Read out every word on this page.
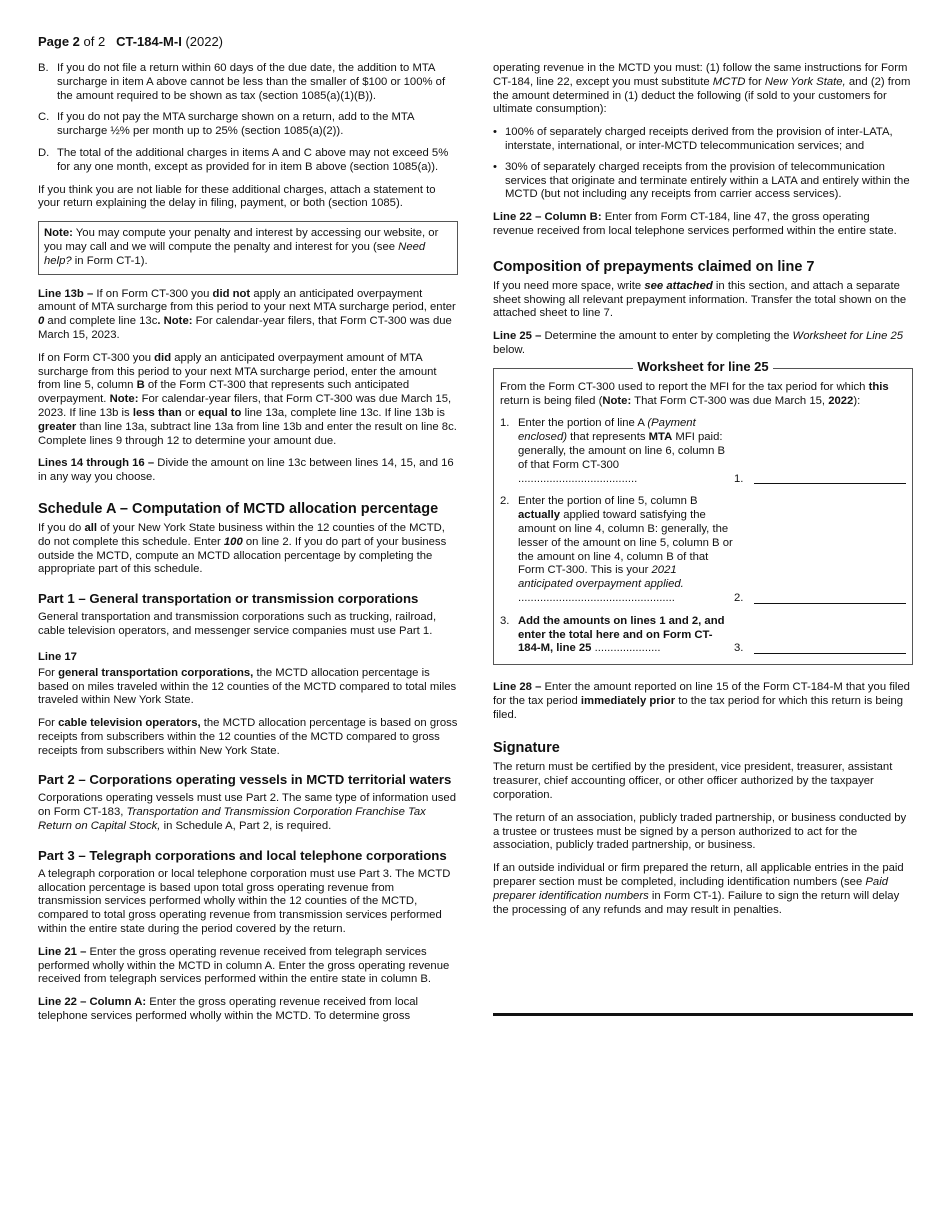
Page 2 of 2 CT-184-M-I (2022)
B. If you do not file a return within 60 days of the due date, the addition to MTA surcharge in item A above cannot be less than the smaller of $100 or 100% of the amount required to be shown as tax (section 1085(a)(1)(B)).
C. If you do not pay the MTA surcharge shown on a return, add to the MTA surcharge ½% per month up to 25% (section 1085(a)(2)).
D. The total of the additional charges in items A and C above may not exceed 5% for any one month, except as provided for in item B above (section 1085(a)).

If you think you are not liable for these additional charges, attach a statement to your return explaining the delay in filing, payment, or both (section 1085).

Note: You may compute your penalty and interest by accessing our website, or you may call and we will compute the penalty and interest for you (see Need help? in Form CT-1).

Line 13b – If on Form CT-300 you did not apply an anticipated overpayment amount of MTA surcharge from this period to your next MTA surcharge period, enter 0 and complete line 13c. Note: For calendar-year filers, that Form CT-300 was due March 15, 2023.

If on Form CT-300 you did apply an anticipated overpayment amount of MTA surcharge from this period to your next MTA surcharge period, enter the amount from line 5, column B of the Form CT-300 that represents such anticipated overpayment. Note: For calendar-year filers, that Form CT-300 was due March 15, 2023. If line 13b is less than or equal to line 13a, complete line 13c. If line 13b is greater than line 13a, subtract line 13a from line 13b and enter the result on line 8c. Complete lines 9 through 12 to determine your amount due.

Lines 14 through 16 – Divide the amount on line 13c between lines 14, 15, and 16 in any way you choose.

Schedule A – Computation of MCTD allocation percentage

If you do all of your New York State business within the 12 counties of the MCTD, do not complete this schedule. Enter 100 on line 2. If you do part of your business outside the MCTD, compute an MCTD allocation percentage by completing the appropriate part of this schedule.

Part 1 – General transportation or transmission corporations

General transportation and transmission corporations such as trucking, railroad, cable television operators, and messenger service companies must use Part 1.

Line 17

For general transportation corporations, the MCTD allocation percentage is based on miles traveled within the 12 counties of the MCTD compared to total miles traveled within New York State.

For cable television operators, the MCTD allocation percentage is based on gross receipts from subscribers within the 12 counties of the MCTD compared to gross receipts from subscribers within New York State.

Part 2 – Corporations operating vessels in MCTD territorial waters

Corporations operating vessels must use Part 2. The same type of information used on Form CT-183, Transportation and Transmission Corporation Franchise Tax Return on Capital Stock, in Schedule A, Part 2, is required.

Part 3 – Telegraph corporations and local telephone corporations

A telegraph corporation or local telephone corporation must use Part 3. The MCTD allocation percentage is based upon total gross operating revenue from transmission services performed wholly within the 12 counties of the MCTD, compared to total gross operating revenue from transmission services performed within the entire state during the period covered by the return.

Line 21 – Enter the gross operating revenue received from telegraph services performed wholly within the MCTD in column A. Enter the gross operating revenue received from telegraph services performed within the entire state in column B.

Line 22 – Column A: Enter the gross operating revenue received from local telephone services performed wholly within the MCTD. To determine gross

operating revenue in the MCTD you must: (1) follow the same instructions for Form CT-184, line 22, except you must substitute MCTD for New York State, and (2) from the amount determined in (1) deduct the following (if sold to your customers for ultimate consumption):

• 100% of separately charged receipts derived from the provision of inter-LATA, interstate, international, or inter-MCTD telecommunication services; and
• 30% of separately charged receipts from the provision of telecommunication services that originate and terminate entirely within a LATA and entirely within the MCTD (but not including any receipts from carrier access services).

Line 22 – Column B: Enter from Form CT-184, line 47, the gross operating revenue received from local telephone services performed within the entire state.

Composition of prepayments claimed on line 7

If you need more space, write see attached in this section, and attach a separate sheet showing all relevant prepayment information. Transfer the total shown on the attached sheet to line 7.

Line 25 – Determine the amount to enter by completing the Worksheet for Line 25 below.

Worksheet for line 25
From the Form CT-300 used to report the MFI for the tax period for which this return is being filed (Note: That Form CT-300 was due March 15, 2022):
1. Enter the portion of line A (Payment enclosed) that represents MTA MFI paid: generally, the amount on line 6, column B of that Form CT-300 ......................................	1.
2. Enter the portion of line 5, column B actually applied toward satisfying the amount on line 4, column B: generally, the lesser of the amount on line 5, column B or the amount on line 4, column B of that Form CT-300. This is your 2021 anticipated overpayment applied. ..................................................	2.
3. Add the amounts on lines 1 and 2, and enter the total here and on Form CT-184-M, line 25 .....................	3.

Line 28 – Enter the amount reported on line 15 of the Form CT-184-M that you filed for the tax period immediately prior to the tax period for which this return is being filed.

Signature

The return must be certified by the president, vice president, treasurer, assistant treasurer, chief accounting officer, or other officer authorized by the taxpayer corporation.

The return of an association, publicly traded partnership, or business conducted by a trustee or trustees must be signed by a person authorized to act for the association, publicly traded partnership, or business.

If an outside individual or firm prepared the return, all applicable entries in the paid preparer section must be completed, including identification numbers (see Paid preparer identification numbers in Form CT-1). Failure to sign the return will delay the processing of any refunds and may result in penalties.
